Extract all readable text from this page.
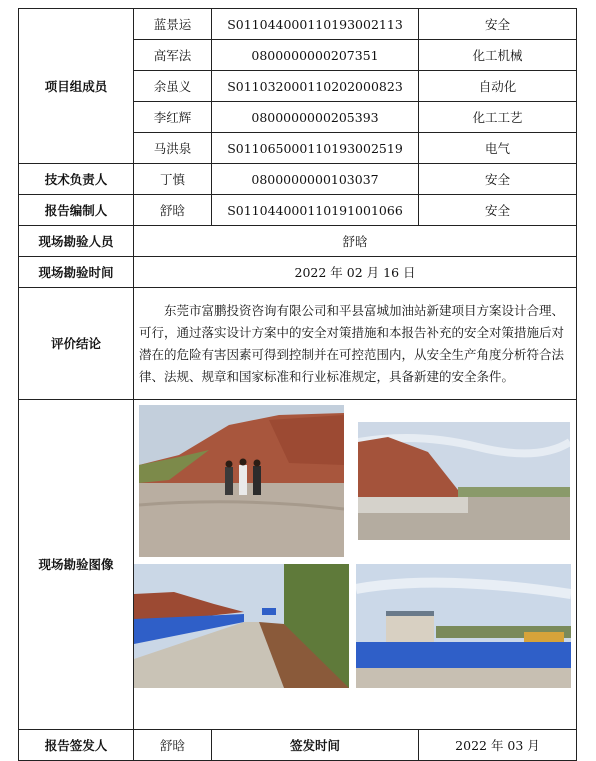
项目组成员	蓝景运	S011044000110193002113	安全
	高军法	0800000000207351	化工机械
	余虽义	S011032000110202000823	自动化
	李红辉	0800000000205393	化工工艺
	马洪泉	S011065000110193002519	电气
技术负责人	丁慎	0800000000103037	安全
报告编制人	舒晗	S011044000110191001066	安全
现场勘验人员	舒晗		
现场勘验时间	2022 年 02 月 16 日		
评价结论	东莞市富鹏投资咨询有限公司和平县富城加油站新建项目方案设计合理、可行，通过落实设计方案中的安全对策措施和本报告补充的安全对策措施后对潜在的危险有害因素可得到控制并在可控范围内，从安全生产角度分析符合法律、法规、规章和国家标准和行业标准规定，具备新建的安全条件。		
现场勘验图像	

报告签发人	舒晗	签发时间	2022 年 03 月
